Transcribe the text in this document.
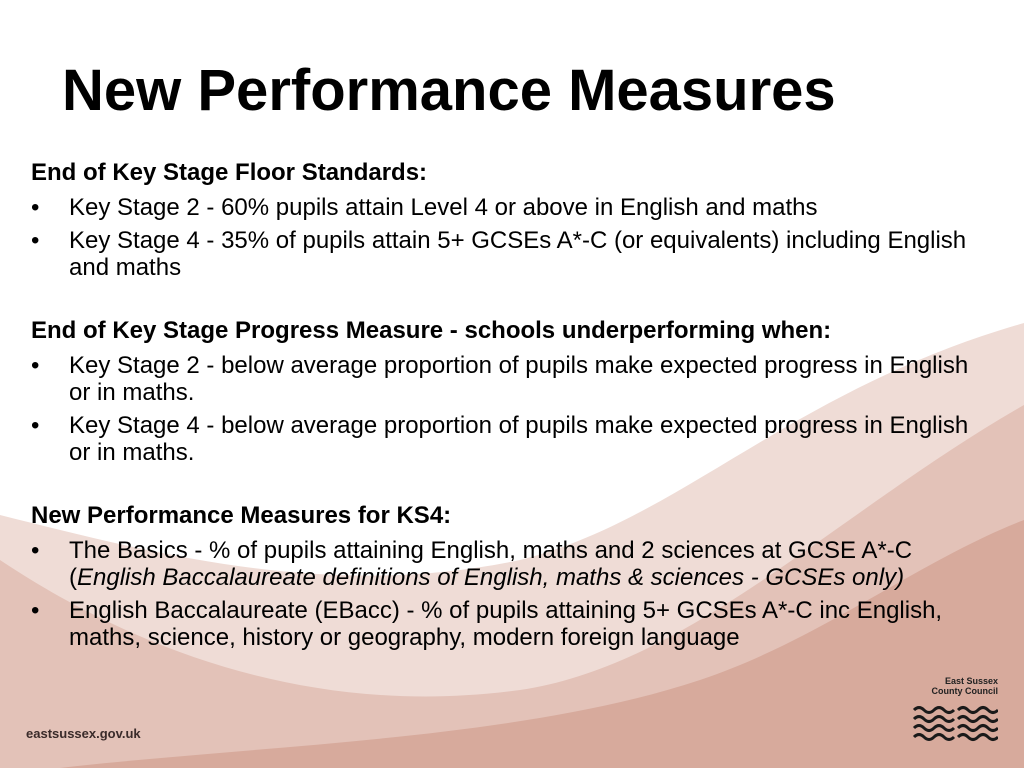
New Performance Measures

End of Key Stage Floor Standards:

• Key Stage 2 - 60% pupils attain Level 4 or above in English and maths
• Key Stage 4 - 35% of pupils attain 5+ GCSEs A*-C (or equivalents) including English and maths

End of Key Stage Progress Measure - schools underperforming when:

• Key Stage 2 - below average proportion of pupils make expected progress in English or in maths.
• Key Stage 4 - below average proportion of pupils make expected progress in English or in maths.

New Performance Measures for KS4:

• The Basics - % of pupils attaining English, maths and 2 sciences at GCSE A*-C (English Baccalaureate definitions of English, maths & sciences - GCSEs only)
• English Baccalaureate (EBacc) - % of pupils attaining 5+ GCSEs A*-C inc English, maths, science, history or geography, modern foreign language
eastsussex.gov.uk
East Sussex
County Council
